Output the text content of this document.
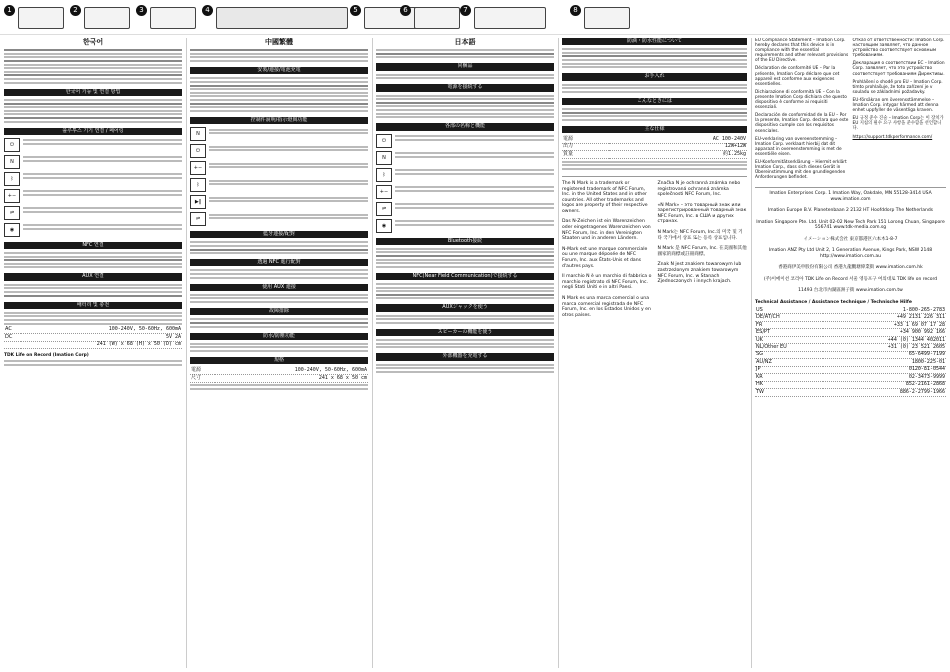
1	2	3	4	5	6	7	8
한국어
한국어 기능 및 연결 방법
블루투스 기기 연결 / 페어링
⏻
N
ᛒ
+−
⇌
◉
NFC 연결
AUX 연결
배터리 및 충전
AC	100-240V, 50-60Hz, 600mA
DC	5V 2A
	241 (W) x 68 (H) x 50 (D) cm
TDK Life on Record (Imation Corp)
中國繁體
安裝/連接/電池充電
控制件說明/指示燈與功能
N
⏻
+−
ᛒ
▶‖
⇌
藍牙連接/配對
透過 NFC 進行配對
使用 AUX 連接
故障排除
防水/防塵功能
規格
電源	100-240V, 50-60Hz, 600mA
尺寸	241 x 68 x 50 cm
日本語
同梱品
電源を接続する
各部の名称と機能
⏻
N
ᛒ
+−
⇌
◉
Bluetooth接続
NFC(Near Field Communication)で接続する
AUXジャックを使う
スピーカーの機能を使う
外部機器を充電する
防滴・防水性能について
お手入れ
こんなときには
主な仕様
電源	AC 100-240V
出力	12W+12W
質量	約1.25kg

The N Mark is a trademark or registered trademark of NFC Forum, Inc. in the United States and in other countries. All other trademarks and logos are property of their respective owners.

Das N-Zeichen ist ein Warenzeichen oder eingetragenes Warenzeichen von NFC Forum, Inc. in den Vereinigten Staaten und in anderen Ländern.

N-Mark est une marque commerciale ou une marque déposée de NFC Forum, Inc. aux États-Unis et dans d'autres pays.

Il marchio N è un marchio di fabbrica o marchio registrato di NFC Forum, Inc. negli Stati Uniti e in altri Paesi.

N Mark es una marca comercial o una marca comercial registrada de NFC Forum, Inc. en los Estados Unidos y en otros países.

Značka N je ochranná známka nebo registrovaná ochranná známka společnosti NFC Forum, Inc.

«N Mark» – это товарный знак или зарегистрированный товарный знак NFC Forum, Inc. в США и других странах.

N Mark는 NFC Forum, Inc.의 미국 및 기타 국가에서 상표 또는 등록 상표입니다.

N Mark 是 NFC Forum, Inc. 在美國和其他國家的商標或註冊商標。

Znak N jest znakiem towarowym lub zastrzeżonym znakiem towarowym NFC Forum, Inc. w Stanach Zjednoczonych i innych krajach.

EU Compliance Statement – Imation Corp. hereby declares that this device is in compliance with the essential requirements and other relevant provisions of the EU Directive.

Déclaration de conformité UE – Par la présente, Imation Corp déclare que cet appareil est conforme aux exigences essentielles.

Dichiarazione di conformità UE – Con la presente Imation Corp dichiara che questo dispositivo è conforme ai requisiti essenziali.

Declaración de conformidad de la EU – Por la presente, Imation Corp. declara que este dispositivo cumple con los requisitos esenciales.

EU-verklaring van overeenstemming – Imation Corp. verklaart hierbij dat dit apparaat in overeenstemming is met de essentiële eisen.

EU-Konformitätserklärung – Hiermit erklärt Imation Corp., dass sich dieses Gerät in Übereinstimmung mit den grundlegenden Anforderungen befindet.

Отказ от ответственности: Imation Corp. настоящим заявляет, что данное устройство соответствует основным требованиям.

Декларация о соответствии ЕС – Imation Corp. заявляет, что это устройство соответствует требованиям Директивы.

Prohlášení o shodě pro EU – Imation Corp. tímto prohlašuje, že toto zařízení je v souladu se základními požadavky.

EU-försäkran om överensstämmelse – Imation Corp. intygar härmed att denna enhet uppfyller de väsentliga kraven.

EU 규정 준수 진술 – Imation Corp는 이 장치가 EU 지침의 필수 요구 사항을 준수함을 선언합니다.

https://support.tdkperformance.com/

Imation Enterprises Corp. 1 Imation Way, Oakdale, MN 55128-3414 USA www.imation.com
Imation Europe B.V. Planetenbaan 2 2132 HT Hoofddorp The Netherlands
Imation Singapore Pte. Ltd. Unit 02-02 New Tech Park 151 Lorong Chuan, Singapore 556741 www.tdk-media.com.sg
イメーション株式会社 東京都港区六本木1-8-7
Imation ANZ Pty Ltd Unit 2, 1 Generation Avenue, Kings Park, NSW 2148 http://www.imation.com.au
香港商伊美申股份有限公司 香港九龍觀塘偉業街 www.imation.com.hk
(주)이메이션 코리아 TDK Life on Record 서울 영등포구 여의대로 TDK life on record
11493 台北市內湖區洲子街 www.imation.com.tw
Technical Assistance / Assistance technique / Technische Hilfe
US	1-800-265-2783
DE/AT/CH	+49 2131 226 311
FR	+33 1 69 07 17 28
ES/PT	+34 900 992 166
UK	+44 (0) 1344 402011
NL/Other EU	+31 (0) 23 521 2605
SG	65-6499-7199
AU/NZ	1800-225-01
JP	0120-81-0544
KR	02-3473-9999
HK	852-2161-2868
TW	886-2-2799-1966
